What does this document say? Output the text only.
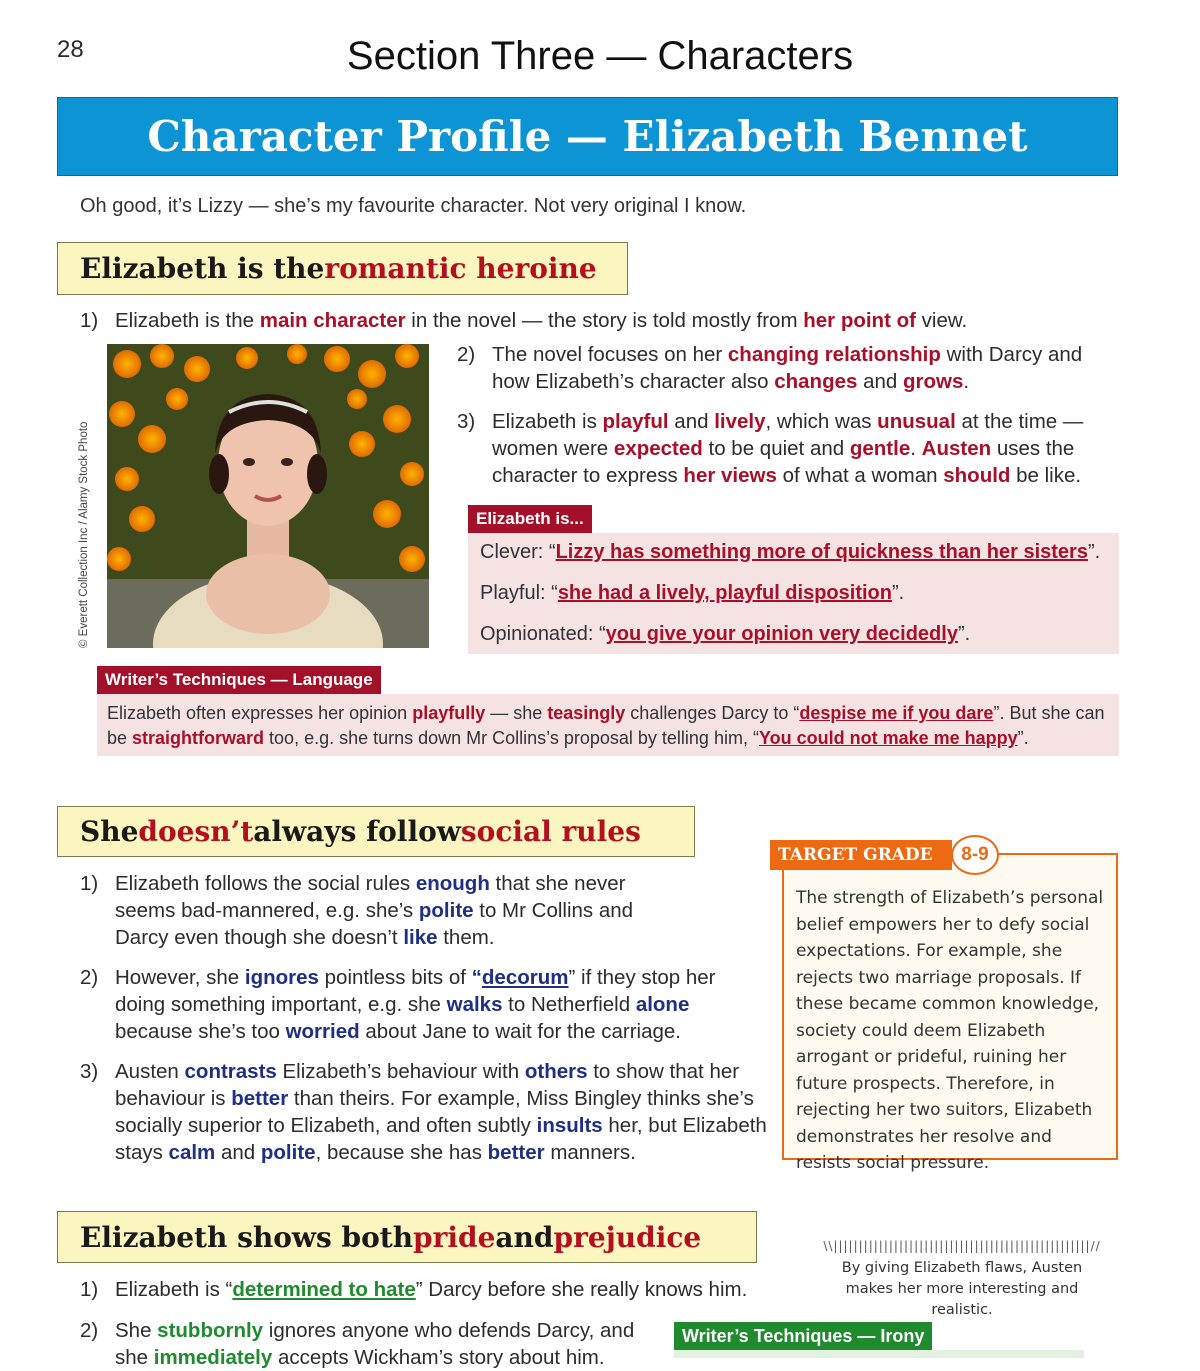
28	Section Three — Characters
Character Profile — Elizabeth Bennet
Oh good, it’s Lizzy — she’s my favourite character. Not very original I know.
Elizabeth is the romantic heroine
1) Elizabeth is the main character in the novel — the story is told mostly from her point of view.
© Everett Collection Inc / Alamy Stock Photo
2) The novel focuses on her changing relationship with Darcy and how Elizabeth’s character also changes and grows.
3) Elizabeth is playful and lively, which was unusual at the time — women were expected to be quiet and gentle. Austen uses the character to express her views of what a woman should be like.
Elizabeth is...
Clever: “Lizzy has something more of quickness than her sisters”.
Playful: “she had a lively, playful disposition”.
Opinionated: “you give your opinion very decidedly”.
Writer’s Techniques — Language
Elizabeth often expresses her opinion playfully — she teasingly challenges Darcy to “despise me if you dare”. But she can be straightforward too, e.g. she turns down Mr Collins’s proposal by telling him, “You could not make me happy”.
She doesn’t always follow social rules
1) Elizabeth follows the social rules enough that she never seems bad-mannered, e.g. she’s polite to Mr Collins and Darcy even though she doesn’t like them.
2) However, she ignores pointless bits of “decorum” if they stop her doing something important, e.g. she walks to Netherfield alone because she’s too worried about Jane to wait for the carriage.
3) Austen contrasts Elizabeth’s behaviour with others to show that her behaviour is better than theirs. For example, Miss Bingley thinks she’s socially superior to Elizabeth, and often subtly insults her, but Elizabeth stays calm and polite, because she has better manners.
TARGET GRADE	8-9
The strength of Elizabeth’s personal belief empowers her to defy social expectations. For example, she rejects two marriage proposals. If these became common knowledge, society could deem Elizabeth arrogant or prideful, ruining her future prospects. Therefore, in rejecting her two suitors, Elizabeth demonstrates her resolve and resists social pressure.
Elizabeth shows both pride and prejudice
1) Elizabeth is “determined to hate” Darcy before she really knows him.
2) She stubbornly ignores anyone who defends Darcy, and she immediately accepts Wickham’s story about him.
\\|||||||||||||||||||||||||||||||||||||||||||||||||||//
By giving Elizabeth flaws, Austen makes her more interesting and realistic.
Writer’s Techniques — Irony
